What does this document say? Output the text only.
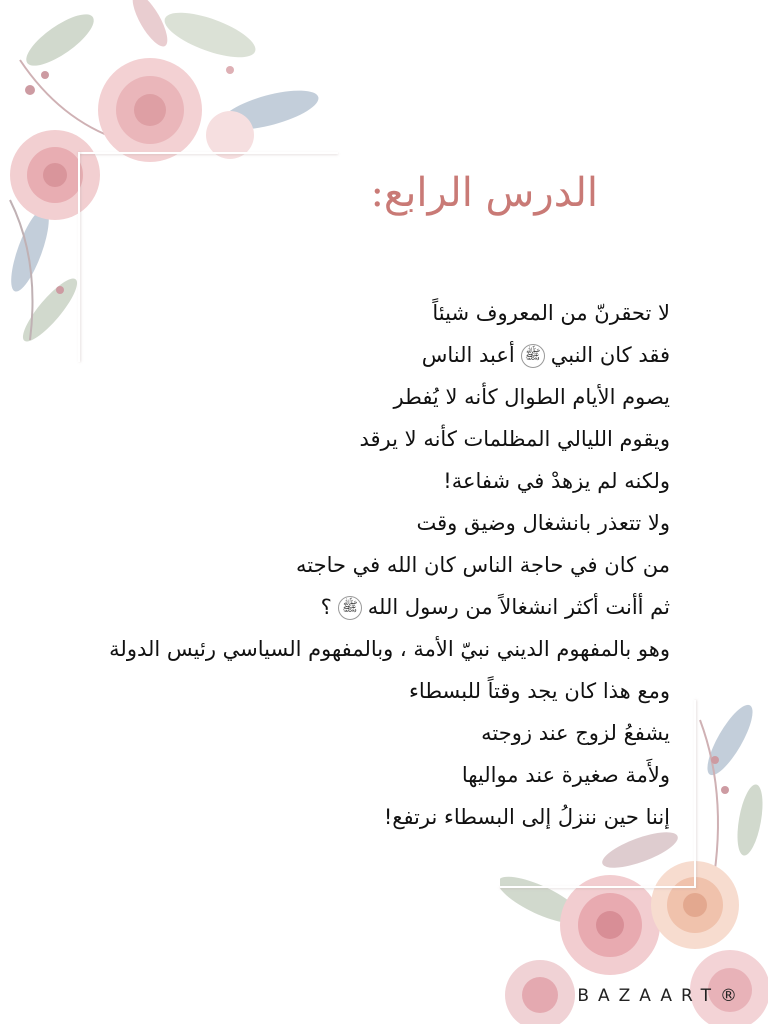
الدرس الرابع:
لا تحقرنّ من المعروف شيئاً
فقد كان النبيﷺأعبد الناس
يصوم الأيام الطوال كأنه لا يُفطر
ويقوم الليالي المظلمات كأنه لا يرقد
ولكنه لم يزهدْ في شفاعة!
ولا تتعذر بانشغال وضيق وقت
من كان في حاجة الناس كان الله في حاجته
ثم أأنت أكثر انشغالاً من رسول اللهﷺ؟
وهو بالمفهوم الديني نبيّ الأمة ، وبالمفهوم السياسي رئيس الدولة
ومع هذا كان يجد وقتاً للبسطاء
يشفعُ لزوج عند زوجته
ولأَمة صغيرة عند مواليها
إننا حين ننزلُ إلى البسطاء نرتفع!
BAZAART®
